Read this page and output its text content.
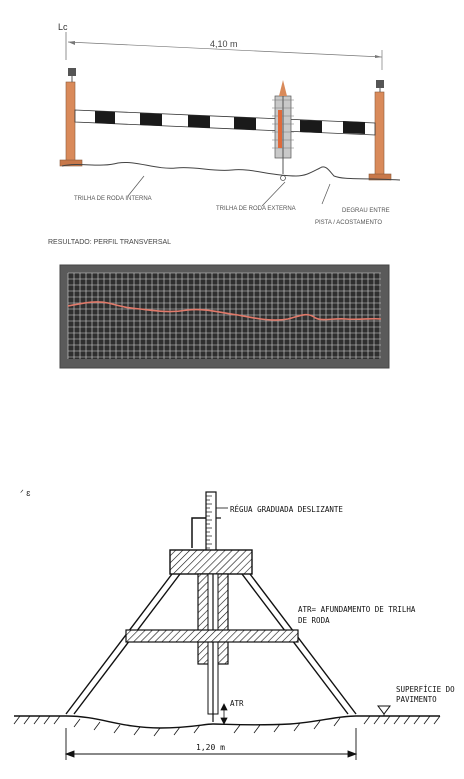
Lc
4,10 m
TRILHA DE RODA INTERNA
TRILHA DE RODA EXTERNA	DEGRAU ENTRE
PISTA / ACOSTAMENTO
RESULTADO: PERFIL TRANSVERSAL
ᐟ ɛ
RÉGUA GRADUADA DESLIZANTE
ATR= AFUNDAMENTO DE TRILHA
DE RODA
ATR
SUPERFÍCIE DO
PAVIMENTO
1,20 m
